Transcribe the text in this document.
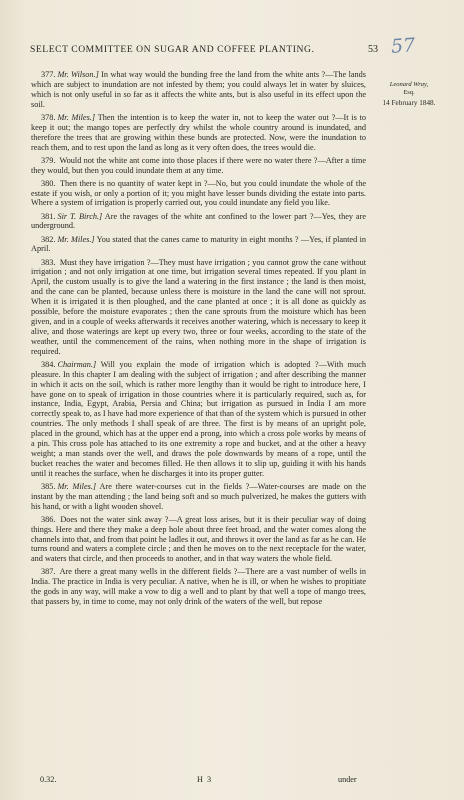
SELECT COMMITTEE ON SUGAR AND COFFEE PLANTING.	53 57
Leonard Wray,
Esq.
14 February 1848.

377. Mr. Wilson.] In what way would the bunding free the land from the white ants ?—The lands which are subject to inundation are not infested by them; you could always let in water by sluices, which is not only useful in so far as it affects the white ants, but is also useful in its effect upon the soil.

378. Mr. Miles.] Then the intention is to keep the water in, not to keep the water out ?—It is to keep it out; the mango topes are perfectly dry whilst the whole country around is inundated, and therefore the trees that are growing within these bunds are protected. Now, were the inundation to reach them, and to rest upon the land as long as it very often does, the trees would die.

379. Would not the white ant come into those places if there were no water there ?—After a time they would, but then you could inundate them at any time.

380. Then there is no quantity of water kept in ?—No, but you could inundate the whole of the estate if you wish, or only a portion of it; you might have lesser bunds dividing the estate into parts. Where a system of irrigation is properly carried out, you could inundate any field you like.

381. Sir T. Birch.] Are the ravages of the white ant confined to the lower part ?—Yes, they are underground.

382. Mr. Miles.] You stated that the canes came to maturity in eight months ? —Yes, if planted in April.

383. Must they have irrigation ?—They must have irrigation ; you cannot grow the cane without irrigation ; and not only irrigation at one time, but irrigation several times repeated. If you plant in April, the custom usually is to give the land a watering in the first instance ; the land is then moist, and the cane can be planted, because unless there is moisture in the land the cane will not sprout. When it is irrigated it is then ploughed, and the cane planted at once ; it is all done as quickly as possible, before the moisture evaporates ; then the cane sprouts from the moisture which has been given, and in a couple of weeks afterwards it receives another watering, which is necessary to keep it alive, and those waterings are kept up every two, three or four weeks, according to the state of the weather, until the commencement of the rains, when nothing more in the shape of irrigation is required.

384. Chairman.] Will you explain the mode of irrigation which is adopted ?—With much pleasure. In this chapter I am dealing with the subject of irrigation ; and after describing the manner in which it acts on the soil, which is rather more lengthy than it would be right to introduce here, I have gone on to speak of irrigation in those countries where it is particularly required, such as, for instance, India, Egypt, Arabia, Persia and China; but irrigation as pursued in India I am more correctly speak to, as I have had more experience of that than of the system which is pursued in other countries. The only methods I shall speak of are three. The first is by means of an upright pole, placed in the ground, which has at the upper end a prong, into which a cross pole works by means of a pin. This cross pole has attached to its one extremity a rope and bucket, and at the other a heavy weight; a man stands over the well, and draws the pole downwards by means of a rope, until the bucket reaches the water and becomes filled. He then allows it to slip up, guiding it with his hands until it reaches the surface, when he discharges it into its proper gutter.

385. Mr. Miles.] Are there water-courses cut in the fields ?—Water-courses are made on the instant by the man attending ; the land being soft and so much pulverized, he makes the gutters with his hand, or with a light wooden shovel.

386. Does not the water sink away ?—A great loss arises, but it is their peculiar way of doing things. Here and there they make a deep hole about three feet broad, and the water comes along the channels into that, and from that point he ladles it out, and throws it over the land as far as he can. He turns round and waters a complete circle ; and then he moves on to the next receptacle for the water, and waters that circle, and then proceeds to another, and in that way waters the whole field.

387. Are there a great many wells in the different fields ?—There are a vast number of wells in India. The practice in India is very peculiar. A native, when he is ill, or when he wishes to propitiate the gods in any way, will make a vow to dig a well and to plant by that well a tope of mango trees, that passers by, in time to come, may not only drink of the waters of the well, but repose

0.32.	H 3	under
